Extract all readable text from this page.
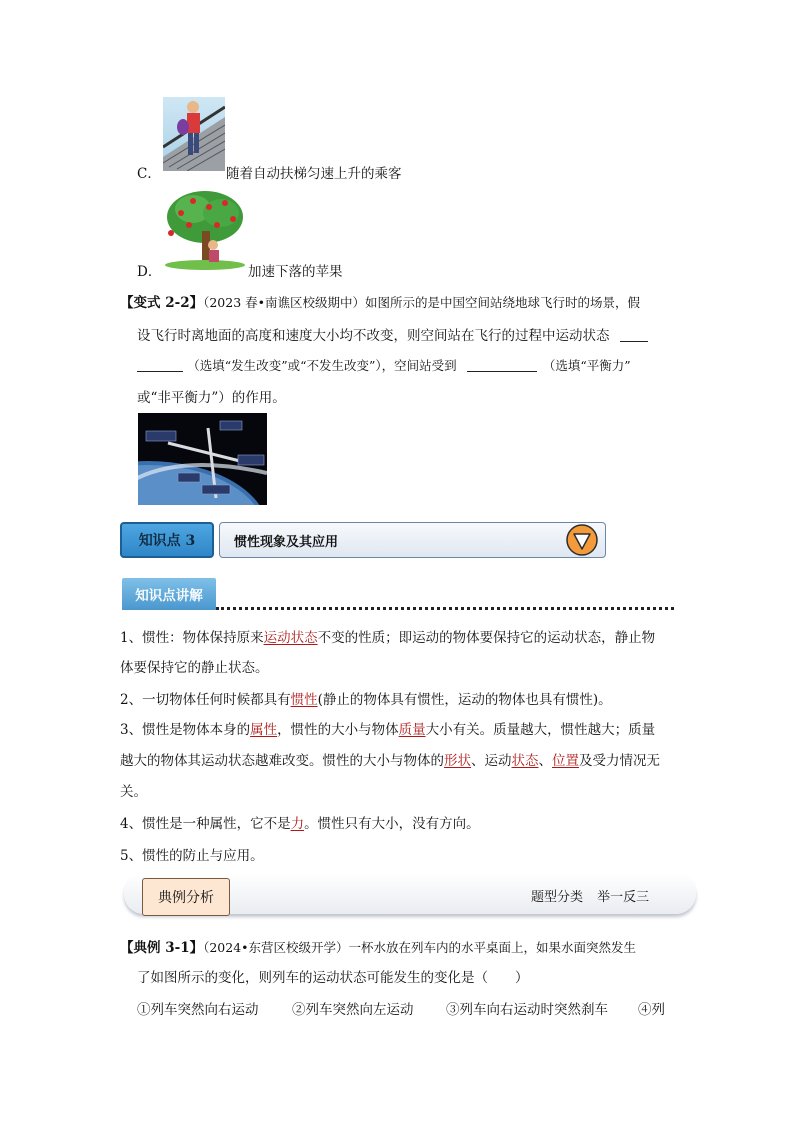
C．	随着自动扶梯匀速上升的乘客
D．	加速下落的苹果
【变式 2-2】（2023 春•南谯区校级期中）如图所示的是中国空间站绕地球飞行时的场景，假
设飞行时离地面的高度和速度大小均不改变，则空间站在飞行的过程中运动状态
（选填“发生改变”或“不发生改变”），空间站受到	（选填“平衡力”
或“非平衡力”）的作用。
知识点 3	惯性现象及其应用
知识点讲解
1、惯性：物体保持原来运动状态不变的性质；即运动的物体要保持它的运动状态，静止物
体要保持它的静止状态。
2、一切物体任何时候都具有惯性(静止的物体具有惯性，运动的物体也具有惯性)。
3、惯性是物体本身的属性，惯性的大小与物体质量大小有关。质量越大，惯性越大；质量
越大的物体其运动状态越难改变。惯性的大小与物体的形状、运动状态、位置及受力情况无
关。
4、惯性是一种属性，它不是力。惯性只有大小，没有方向。
5、惯性的防止与应用。
典例分析	题型分类 举一反三
【典例 3-1】（2024•东营区校级开学）一杯水放在列车内的水平桌面上，如果水面突然发生
了如图所示的变化，则列车的运动状态可能发生的变化是（　　）
①列车突然向右运动 ②列车突然向左运动 ③列车向右运动时突然刹车 ④列
